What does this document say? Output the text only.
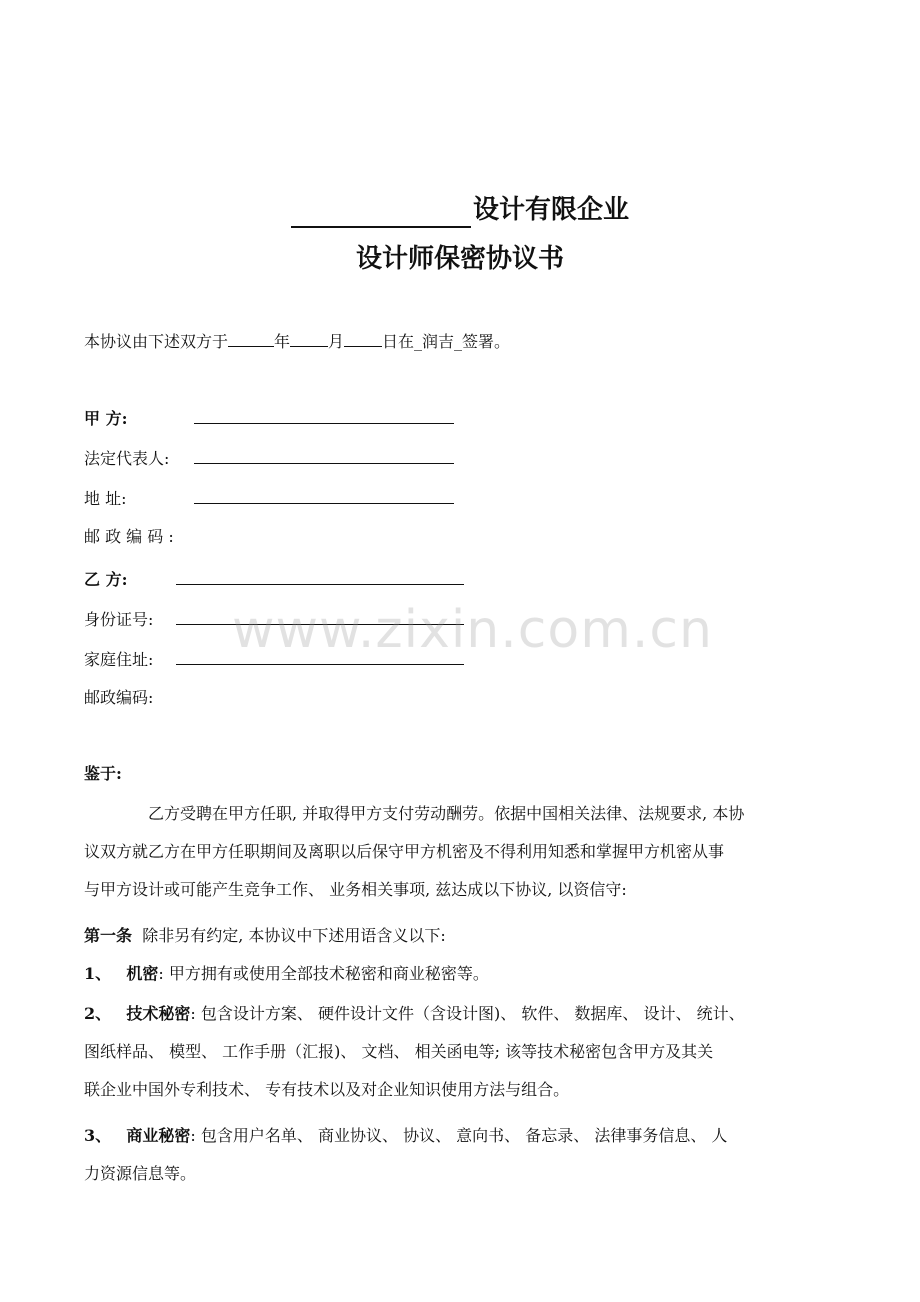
设计有限企业
设计师保密协议书
本协议由下述双方于	年 月 日在_润吉_签署。
甲 方:
法定代表人:
地 址:
邮 政 编 码 :
乙 方:
身份证号:
家庭住址:
邮政编码:
鉴于:
乙方受聘在甲方任职, 并取得甲方支付劳动酬劳。依据中国相关法律、法规要求, 本协
议双方就乙方在甲方任职期间及离职以后保守甲方机密及不得利用知悉和掌握甲方机密从事
与甲方设计或可能产生竞争工作、 业务相关事项, 兹达成以下协议, 以资信守:
第一条 除非另有约定, 本协议中下述用语含义以下:
1、 机密: 甲方拥有或使用全部技术秘密和商业秘密等。
2、 技术秘密: 包含设计方案、 硬件设计文件（含设计图)、 软件、 数据库、 设计、 统计、
图纸样品、 模型、 工作手册（汇报)、 文档、 相关函电等; 该等技术秘密包含甲方及其关
联企业中国外专利技术、 专有技术以及对企业知识使用方法与组合。
3、 商业秘密: 包含用户名单、 商业协议、 协议、 意向书、 备忘录、 法律事务信息、 人
力资源信息等。
www.zixin.com.cn
